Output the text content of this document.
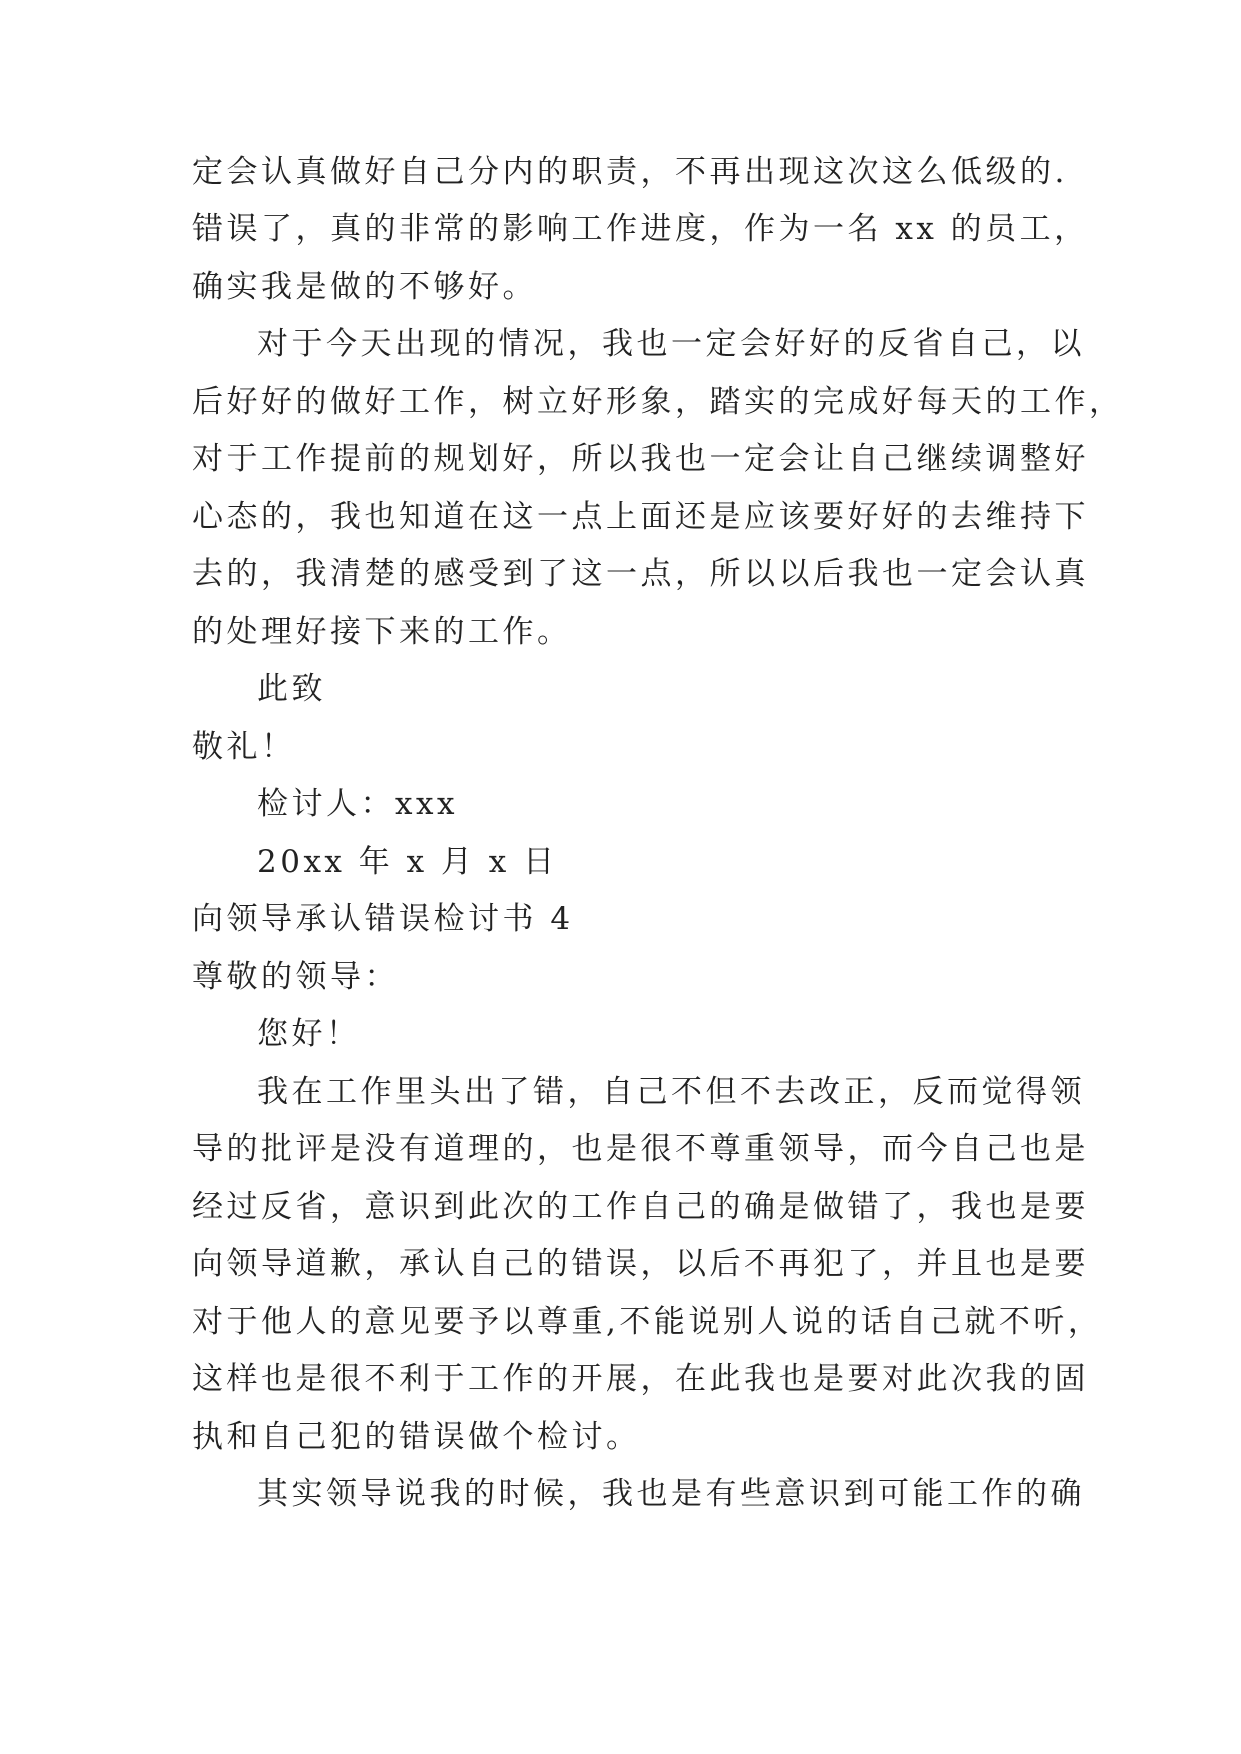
定会认真做好自己分内的职责，不再出现这次这么低级的.
错误了，真的非常的影响工作进度，作为一名 xx 的员工，
确实我是做的不够好。
对于今天出现的情况，我也一定会好好的反省自己，以
后好好的做好工作，树立好形象，踏实的完成好每天的工作，
对于工作提前的规划好，所以我也一定会让自己继续调整好
心态的，我也知道在这一点上面还是应该要好好的去维持下
去的，我清楚的感受到了这一点，所以以后我也一定会认真
的处理好接下来的工作。
此致
敬礼！
检讨人：xxx
20xx 年 x 月 x 日
向领导承认错误检讨书 4
尊敬的领导：
您好！
我在工作里头出了错，自己不但不去改正，反而觉得领
导的批评是没有道理的，也是很不尊重领导，而今自己也是
经过反省，意识到此次的工作自己的确是做错了，我也是要
向领导道歉，承认自己的错误，以后不再犯了，并且也是要
对于他人的意见要予以尊重,不能说别人说的话自己就不听，
这样也是很不利于工作的开展，在此我也是要对此次我的固
执和自己犯的错误做个检讨。
其实领导说我的时候，我也是有些意识到可能工作的确
